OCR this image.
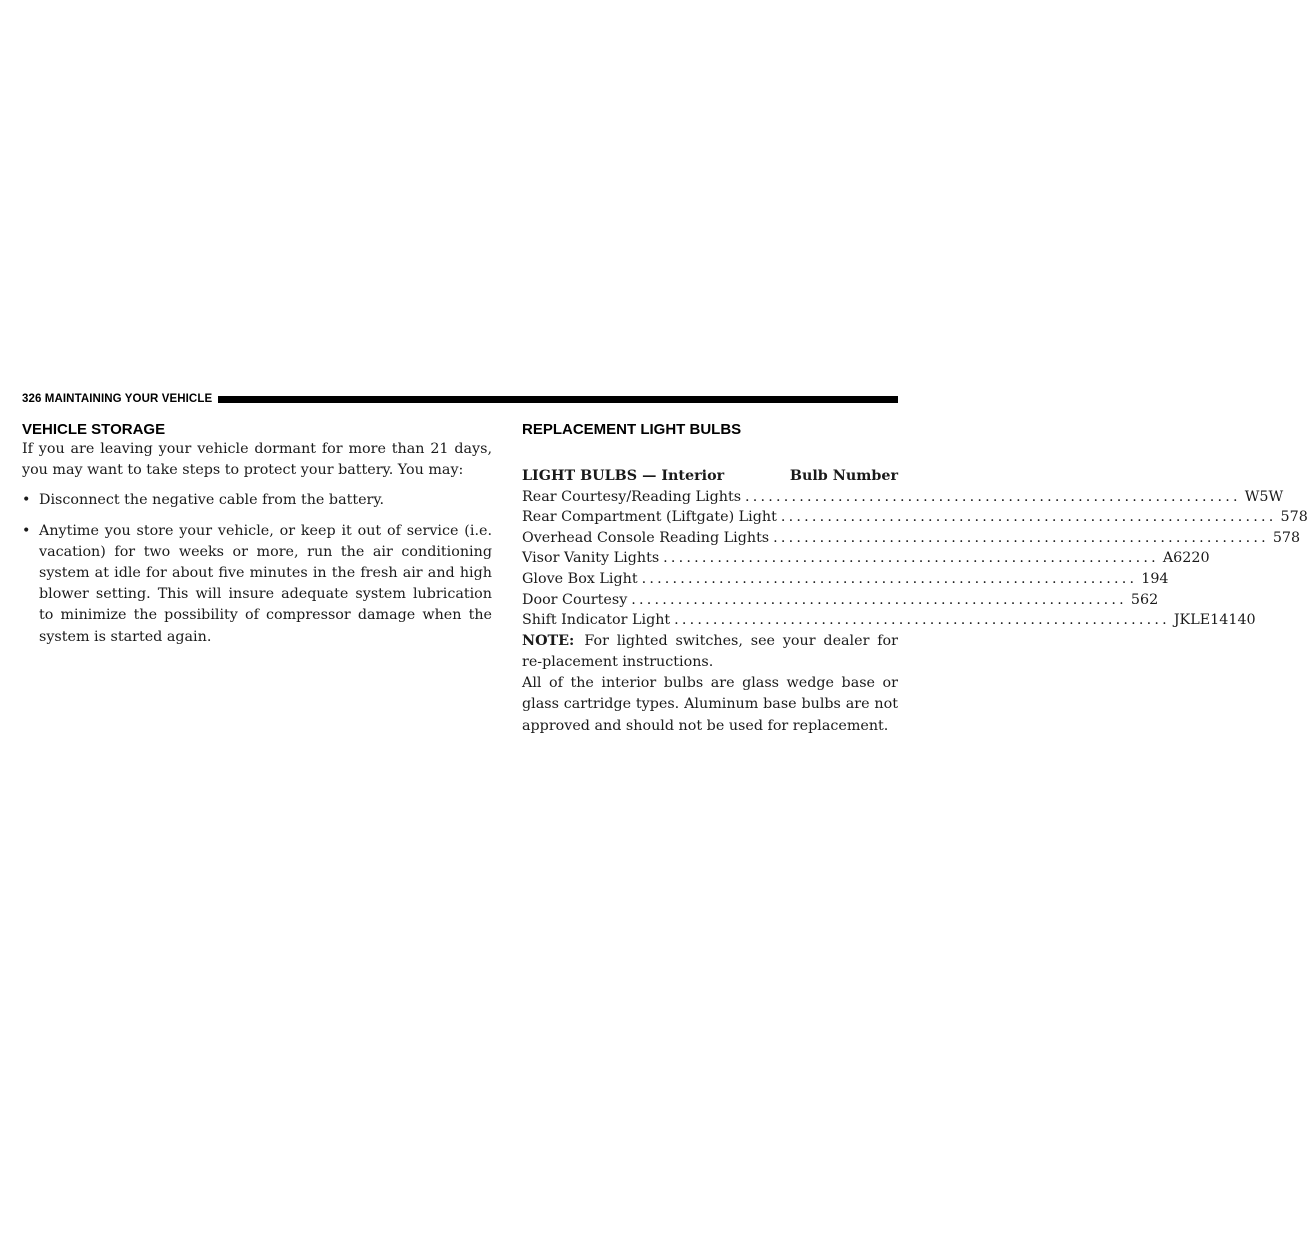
326 MAINTAINING YOUR VEHICLE
VEHICLE STORAGE

If you are leaving your vehicle dormant for more than 21 days, you may want to take steps to protect your battery. You may:

• Disconnect the negative cable from the battery.
• Anytime you store your vehicle, or keep it out of service (i.e. vacation) for two weeks or more, run the air conditioning system at idle for about five minutes in the fresh air and high blower setting. This will insure adequate system lubrication to minimize the possibility of compressor damage when the system is started again.
REPLACEMENT LIGHT BULBS
LIGHT BULBS — Interior	Bulb Number
Rear Courtesy/Reading Lights ................................................................ W5W
Rear Compartment (Liftgate) Light ................................................................ 578
Overhead Console Reading Lights ................................................................ 578
Visor Vanity Lights ................................................................ A6220
Glove Box Light ................................................................ 194
Door Courtesy ................................................................ 562
Shift Indicator Light ................................................................ JKLE14140

NOTE: For lighted switches, see your dealer for re-placement instructions.

All of the interior bulbs are glass wedge base or glass cartridge types. Aluminum base bulbs are not approved and should not be used for replacement.
